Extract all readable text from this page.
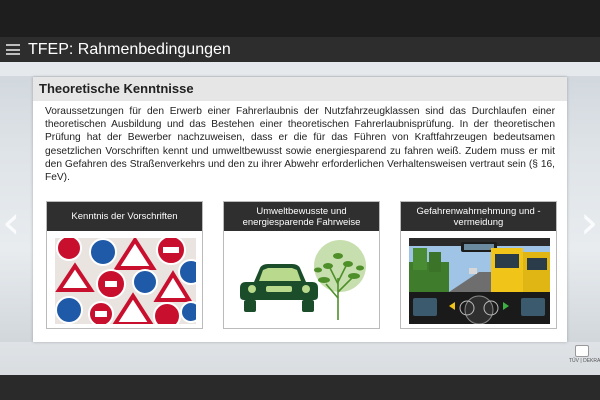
TFEP: Rahmenbedingungen
‹	›
Theoretische Kenntnisse
Voraussetzungen für den Erwerb einer Fahrerlaubnis der Nutzfahrzeugklassen sind das Durchlaufen einer theoretischen Ausbildung und das Bestehen einer theoretischen Fahrerlaubnisprüfung. In der theoretischen Prüfung hat der Bewerber nachzuweisen, dass er die für das Führen von Kraftfahrzeugen bedeutsamen gesetzlichen Vorschriften kennt und umweltbewusst sowie energiesparend zu fahren weiß. Zudem muss er mit den Gefahren des Straßenverkehrs und den zu ihrer Abwehr erforderlichen Verhaltensweisen vertraut sein (§ 16, FeV).
Kenntnis der Vorschriften	Umweltbewusste und energiesparende Fahrweise
Gefahrenwahrnehmung und -vermeidung
TÜV | DEKRA
